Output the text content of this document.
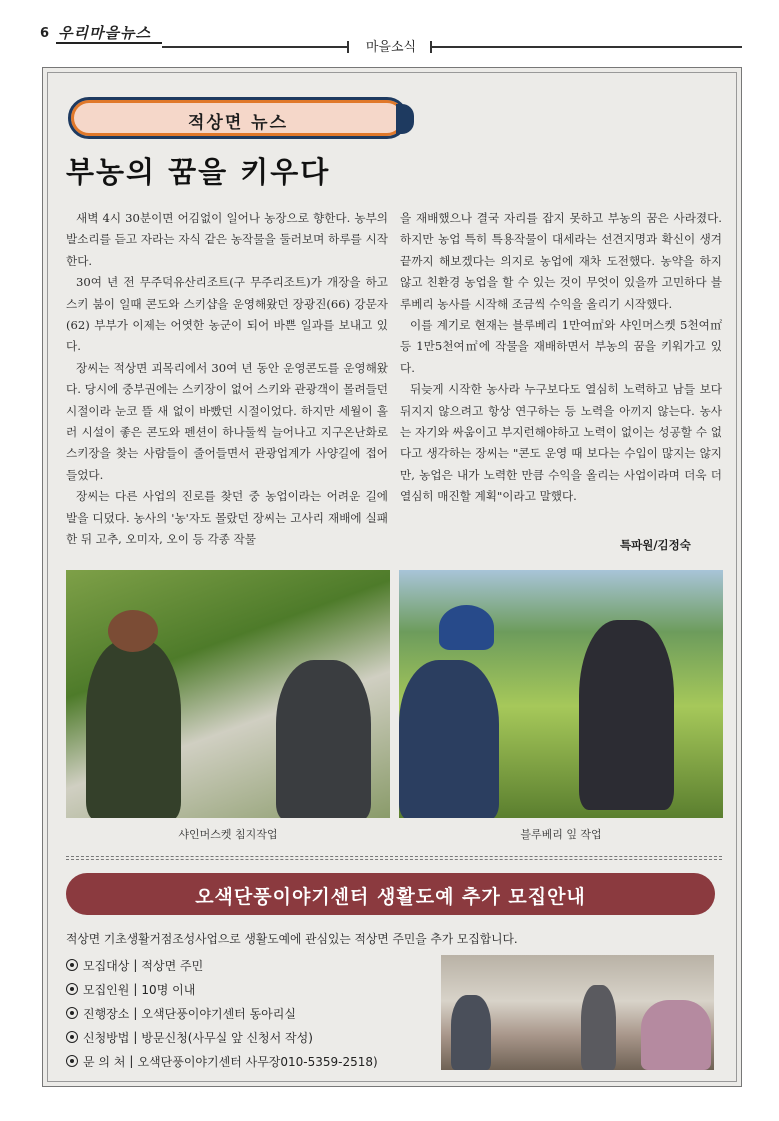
6 우리마을뉴스
마을소식
적상면 뉴스
부농의 꿈을 키우다

새벽 4시 30분이면 어김없이 일어나 농장으로 향한다. 농부의 발소리를 듣고 자라는 자식 같은 농작물을 둘러보며 하루를 시작한다.

30여 년 전 무주덕유산리조트(구 무주리조트)가 개장을 하고 스키 붐이 일때 콘도와 스키샵을 운영해왔던 장광진(66) 강문자(62) 부부가 이제는 어엿한 농군이 되어 바쁜 일과를 보내고 있다.

장씨는 적상면 괴목리에서 30여 년 동안 운영콘도를 운영해왔다. 당시에 중부권에는 스키장이 없어 스키와 관광객이 몰려들던 시절이라 눈코 뜰 새 없이 바빴던 시절이었다. 하지만 세월이 흘러 시설이 좋은 콘도와 펜션이 하나둘씩 늘어나고 지구온난화로 스키장을 찾는 사람들이 줄어들면서 관광업계가 사양길에 접어들었다.

장씨는 다른 사업의 진로를 찾던 중 농업이라는 어려운 길에 발을 디뎠다. 농사의 '농'자도 몰랐던 장씨는 고사리 재배에 실패한 뒤 고추, 오미자, 오이 등 각종 작물

을 재배했으나 결국 자리를 잡지 못하고 부농의 꿈은 사라졌다. 하지만 농업 특히 특용작물이 대세라는 선견지명과 확신이 생겨 끝까지 해보겠다는 의지로 농업에 재차 도전했다. 농약을 하지 않고 친환경 농업을 할 수 있는 것이 무엇이 있을까 고민하다 블루베리 농사를 시작해 조금씩 수익을 올리기 시작했다.

이를 계기로 현재는 블루베리 1만여㎡와 샤인머스켓 5천여㎡ 등 1만5천여㎡에 작물을 재배하면서 부농의 꿈을 키워가고 있다.

뒤늦게 시작한 농사라 누구보다도 열심히 노력하고 남들 보다 뒤지지 않으려고 항상 연구하는 등 노력을 아끼지 않는다. 농사는 자기와 싸움이고 부지런해야하고 노력이 없이는 성공할 수 없다고 생각하는 장씨는 "콘도 운영 때 보다는 수입이 많지는 않지만, 농업은 내가 노력한 만큼 수익을 올리는 사업이라며 더욱 더 열심히 매진할 계획"이라고 말했다.

특파원/김정숙
샤인머스켓 침지작업	블루베리 잎 작업
오색단풍이야기센터 생활도예 추가 모집안내
적상면 기초생활거점조성사업으로 생활도예에 관심있는 적상면 주민을 추가 모집합니다.
모집대상 | 적상면 주민
모집인원 | 10명 이내
진행장소 | 오색단풍이야기센터 동아리실
신청방법 | 방문신청(사무실 앞 신청서 작성)
문 의 처 | 오색단풍이야기센터 사무장010-5359-2518)
